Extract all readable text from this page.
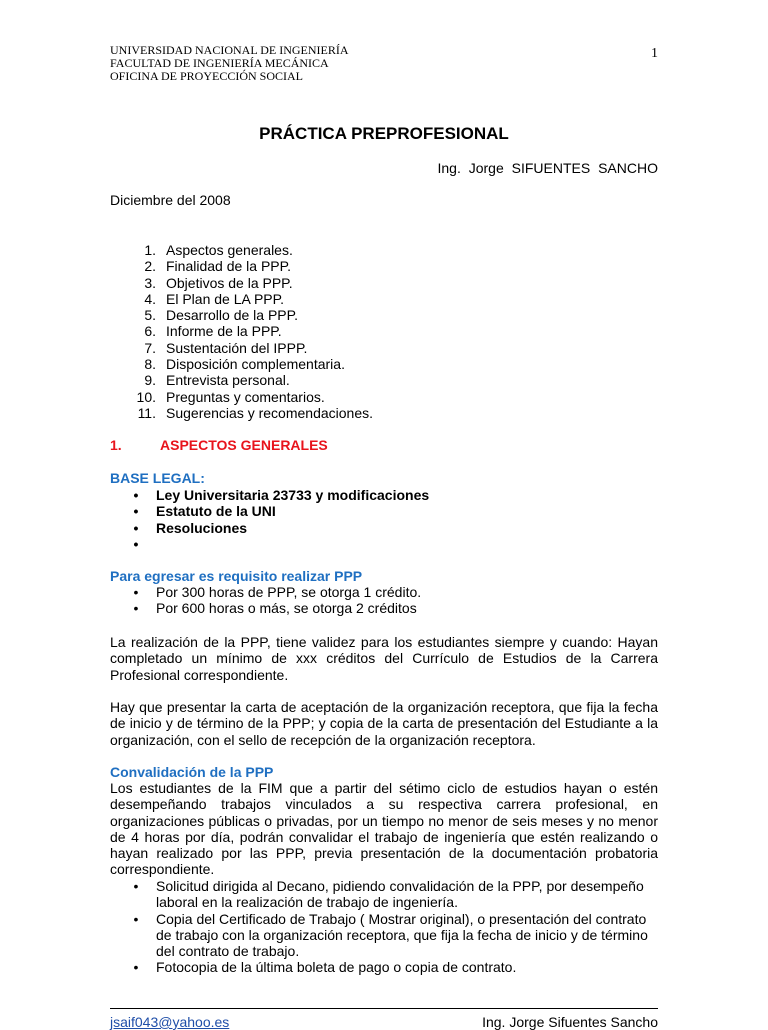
UNIVERSIDAD NACIONAL DE INGENIERÍA
FACULTAD DE INGENIERÍA MECÁNICA
OFICINA DE PROYECCIÓN SOCIAL
1
PRÁCTICA PREPROFESIONAL
Ing. Jorge SIFUENTES SANCHO
Diciembre del 2008
1. Aspectos generales.
2. Finalidad de la PPP.
3. Objetivos de la PPP.
4. El Plan de LA PPP.
5. Desarrollo de la PPP.
6. Informe de la PPP.
7. Sustentación del IPPP.
8. Disposición complementaria.
9. Entrevista personal.
10. Preguntas y comentarios.
11. Sugerencias y recomendaciones.
1.	ASPECTOS GENERALES
BASE LEGAL:
•	Ley Universitaria 23733 y modificaciones
•	Estatuto de la UNI
•	Resoluciones
•
Para egresar es requisito realizar PPP
•	Por 300 horas de PPP, se otorga 1 crédito.
•	Por 600 horas o más, se otorga 2 créditos
La realización de la PPP, tiene validez para los estudiantes siempre y cuando: Hayan completado un mínimo de xxx créditos del Currículo de Estudios de la Carrera Profesional correspondiente.
Hay que presentar la carta de aceptación de la organización receptora, que fija la fecha de inicio y de término de la PPP; y copia de la carta de presentación del Estudiante a la organización, con el sello de recepción de la organización receptora.
Convalidación de la PPP
Los estudiantes de la FIM que a partir del sétimo ciclo de estudios hayan o estén desempeñando trabajos vinculados a su respectiva carrera profesional, en organizaciones públicas o privadas, por un tiempo no menor de seis meses y no menor de 4 horas por día, podrán convalidar el trabajo de ingeniería que estén realizando o hayan realizado por las PPP, previa presentación de la documentación probatoria correspondiente.
•	Solicitud dirigida al Decano, pidiendo convalidación de la PPP, por desempeño laboral en la realización de trabajo de ingeniería.
•	Copia del Certificado de Trabajo ( Mostrar original), o presentación del contrato de trabajo con la organización receptora, que fija la fecha de inicio y de término del contrato de trabajo.
•	Fotocopia de la última boleta de pago o copia de contrato.
jsaif043@yahoo.es	Ing. Jorge Sifuentes Sancho
